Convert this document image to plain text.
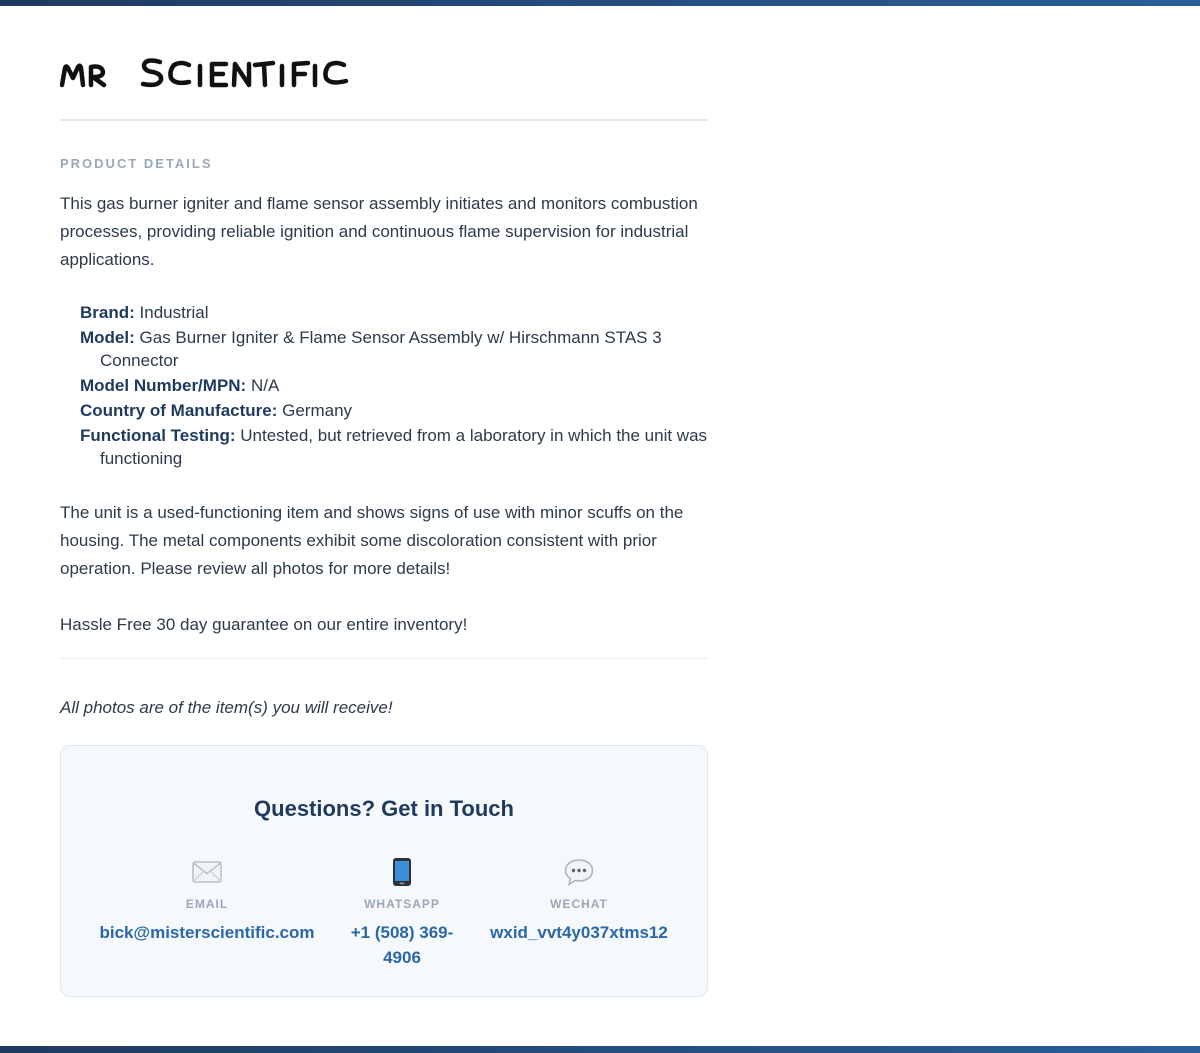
PRODUCT DETAILS

This gas burner igniter and flame sensor assembly initiates and monitors combustion processes, providing reliable ignition and continuous flame supervision for industrial applications.

Brand: Industrial
Model: Gas Burner Igniter & Flame Sensor Assembly w/ Hirschmann STAS 3 Connector
Model Number/MPN: N/A
Country of Manufacture: Germany
Functional Testing: Untested, but retrieved from a laboratory in which the unit was functioning

The unit is a used-functioning item and shows signs of use with minor scuffs on the housing. The metal components exhibit some discoloration consistent with prior operation. Please review all photos for more details!

Hassle Free 30 day guarantee on our entire inventory!

All photos are of the item(s) you will receive!
Questions? Get in Touch
EMAIL
bick@misterscientific.com
WHATSAPP
+1 (508) 369-4906
WECHAT
wxid_vvt4y037xtms12
